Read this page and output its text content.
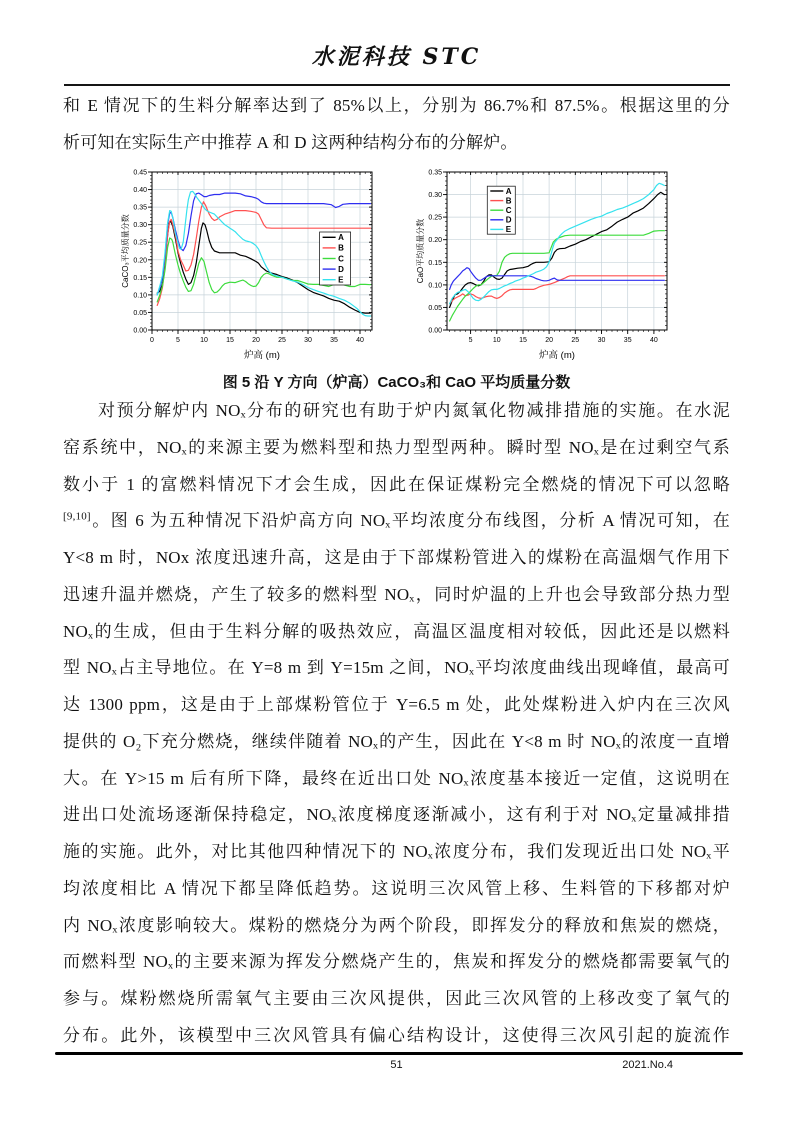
水泥科技 STC
和 E 情况下的生料分解率达到了 85%以上，分别为 86.7%和 87.5%。根据这里的分
析可知在实际生产中推荐 A 和 D 这两种结构分布的分解炉。
0	5	10	15	20	25	30	35	40
0.00
0.05
0.10
0.15
0.20
0.25
0.30
0.35
0.40
0.45
炉高 (m)
CaCO₃平均质量分数	A
B
C
D
E
5	10	15	20	25	30	35	40
0.00
0.05
0.10
0.15
0.20
0.25
0.30
0.35
炉高 (m)
CaO平均质量分数
A
B
C
D
E
图 5 沿 Y 方向（炉高）CaCO₃和 CaO 平均质量分数
对预分解炉内 NOₓ分布的研究也有助于炉内氮氧化物减排措施的实施。在水泥
窑系统中，NOₓ的来源主要为燃料型和热力型型两种。瞬时型 NOₓ是在过剩空气系
数小于 1 的富燃料情况下才会生成，因此在保证煤粉完全燃烧的情况下可以忽略
[9,10]。图 6 为五种情况下沿炉高方向 NOₓ平均浓度分布线图，分析 A 情况可知，在
Y<8 m 时，NOx 浓度迅速升高，这是由于下部煤粉管进入的煤粉在高温烟气作用下
迅速升温并燃烧，产生了较多的燃料型 NOₓ，同时炉温的上升也会导致部分热力型
NOₓ的生成，但由于生料分解的吸热效应，高温区温度相对较低，因此还是以燃料
型 NOₓ占主导地位。在 Y=8 m 到 Y=15m 之间，NOₓ平均浓度曲线出现峰值，最高可
达 1300 ppm，这是由于上部煤粉管位于 Y=6.5 m 处，此处煤粉进入炉内在三次风
提供的 O₂下充分燃烧，继续伴随着 NOₓ的产生，因此在 Y<8 m 时 NOₓ的浓度一直增
大。在 Y>15 m 后有所下降，最终在近出口处 NOₓ浓度基本接近一定值，这说明在
进出口处流场逐渐保持稳定，NOₓ浓度梯度逐渐减小，这有利于对 NOₓ定量减排措
施的实施。此外，对比其他四种情况下的 NOₓ浓度分布，我们发现近出口处 NOₓ平
均浓度相比 A 情况下都呈降低趋势。这说明三次风管上移、生料管的下移都对炉
内 NOₓ浓度影响较大。煤粉的燃烧分为两个阶段，即挥发分的释放和焦炭的燃烧，
而燃料型 NOₓ的主要来源为挥发分燃烧产生的，焦炭和挥发分的燃烧都需要氧气的
参与。煤粉燃烧所需氧气主要由三次风提供，因此三次风管的上移改变了氧气的
分布。此外，该模型中三次风管具有偏心结构设计，这使得三次风引起的旋流作
51	2021.No.4
